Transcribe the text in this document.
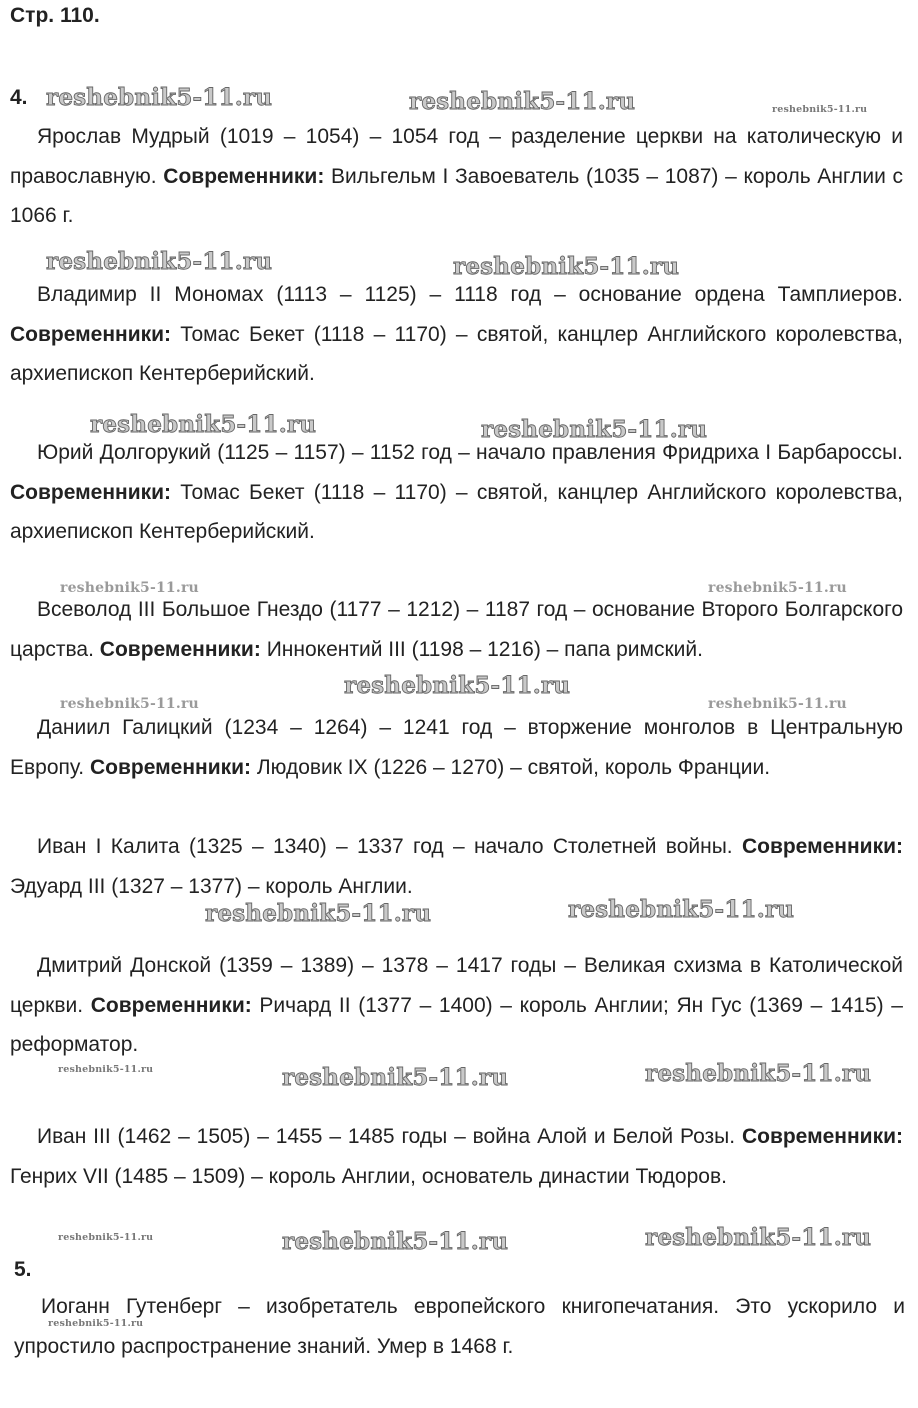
Стр. 110.
4.

Ярослав Мудрый (1019 – 1054) – 1054 год – разделение церкви на католическую и православную. Современники: Вильгельм I Завоеватель (1035 – 1087) – король Англии с 1066 г.

Владимир II Мономах (1113 – 1125) – 1118 год – основание ордена Тамплиеров. Современники: Томас Бекет (1118 – 1170) – святой, канцлер Английского королевства, архиепископ Кентерберийский.

Юрий Долгорукий (1125 – 1157) – 1152 год – начало правления Фридриха I Барбароссы. Современники: Томас Бекет (1118 – 1170) – святой, канцлер Английского королевства, архиепископ Кентерберийский.

Всеволод III Большое Гнездо (1177 – 1212) – 1187 год – основание Второго Болгарского царства. Современники: Иннокентий III (1198 – 1216) – папа римский.

Даниил Галицкий (1234 – 1264) – 1241 год – вторжение монголов в Центральную Европу. Современники: Людовик IX (1226 – 1270) – святой, король Франции.

Иван I Калита (1325 – 1340) – 1337 год – начало Столетней войны. Современники: Эдуард III (1327 – 1377) – король Англии.

Дмитрий Донской (1359 – 1389) – 1378 – 1417 годы – Великая схизма в Католической церкви. Современники: Ричард II (1377 – 1400) – король Англии; Ян Гус (1369 – 1415) – реформатор.

Иван III (1462 – 1505) – 1455 – 1485 годы – война Алой и Белой Розы. Современники: Генрих VII (1485 – 1509) – король Англии, основатель династии Тюдоров.

5.

Иоганн Гутенберг – изобретатель европейского книгопечатания. Это ускорило и упростило распространение знаний. Умер в 1468 г.

reshebnik5-11.ru	reshebnik5-11.ru	reshebnik5-11.ru
reshebnik5-11.ru	reshebnik5-11.ru
reshebnik5-11.ru	reshebnik5-11.ru
reshebnik5-11.ru	reshebnik5-11.ru
reshebnik5-11.ru
reshebnik5-11.ru	reshebnik5-11.ru
reshebnik5-11.ru	reshebnik5-11.ru
reshebnik5-11.ru	reshebnik5-11.ru	reshebnik5-11.ru
reshebnik5-11.ru	reshebnik5-11.ru	reshebnik5-11.ru
reshebnik5-11.ru
